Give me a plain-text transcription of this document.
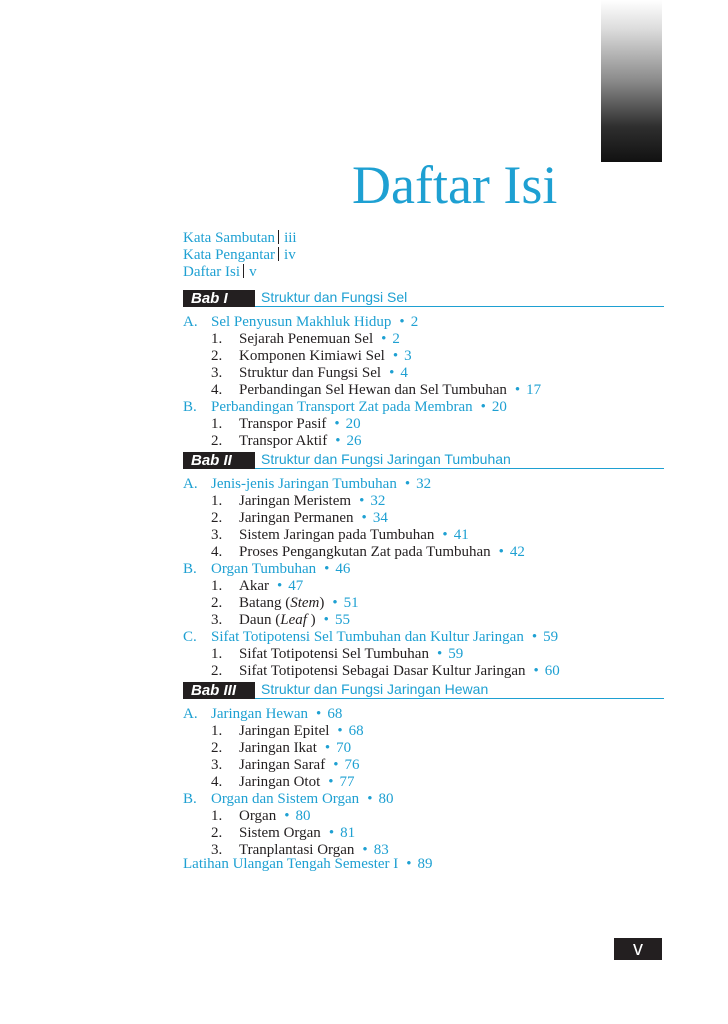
Daftar Isi
Kata Sambutan iii
Kata Pengantar iv
Daftar Isi v
Bab I	Struktur dan Fungsi Sel
A. Sel Penyusun Makhluk Hidup • 2
1. Sejarah Penemuan Sel • 2
2. Komponen Kimiawi Sel • 3
3. Struktur dan Fungsi Sel • 4
4. Perbandingan Sel Hewan dan Sel Tumbuhan • 17
B. Perbandingan Transport Zat pada Membran • 20
1. Transpor Pasif • 20
2. Transpor Aktif • 26
Bab II	Struktur dan Fungsi Jaringan Tumbuhan
A. Jenis-jenis Jaringan Tumbuhan • 32
1. Jaringan Meristem • 32
2. Jaringan Permanen • 34
3. Sistem Jaringan pada Tumbuhan • 41
4. Proses Pengangkutan Zat pada Tumbuhan • 42
B. Organ Tumbuhan • 46
1. Akar • 47
2. Batang (Stem) • 51
3. Daun (Leaf ) • 55
C. Sifat Totipotensi Sel Tumbuhan dan Kultur Jaringan • 59
1. Sifat Totipotensi Sel Tumbuhan • 59
2. Sifat Totipotensi Sebagai Dasar Kultur Jaringan • 60
Bab III	Struktur dan Fungsi Jaringan Hewan
A. Jaringan Hewan • 68
1. Jaringan Epitel • 68
2. Jaringan Ikat • 70
3. Jaringan Saraf • 76
4. Jaringan Otot • 77
B. Organ dan Sistem Organ • 80
1. Organ • 80
2. Sistem Organ • 81
3. Tranplantasi Organ • 83
Latihan Ulangan Tengah Semester I • 89
v
